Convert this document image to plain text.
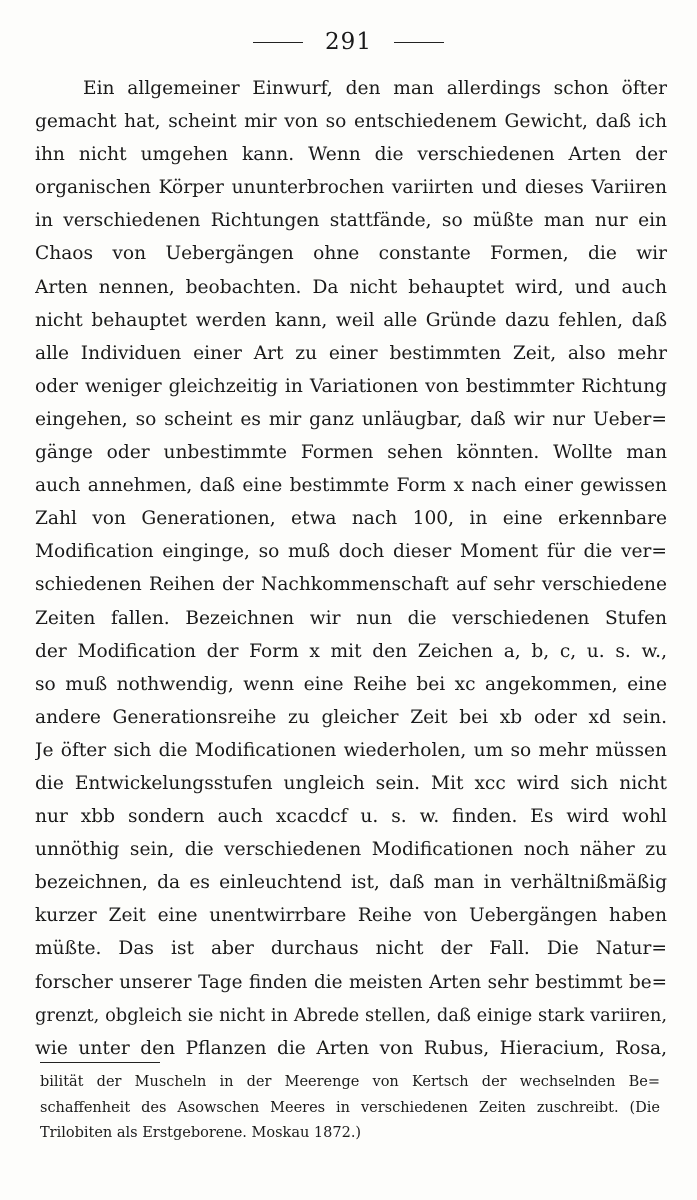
291
Ein allgemeiner Einwurf, den man allerdings schon öfter
gemacht hat, scheint mir von so entschiedenem Gewicht, daß ich
ihn nicht umgehen kann. Wenn die verschiedenen Arten der
organischen Körper ununterbrochen variirten und dieses Variiren
in verschiedenen Richtungen stattfände, so müßte man nur ein
Chaos von Uebergängen ohne constante Formen, die wir
Arten nennen, beobachten. Da nicht behauptet wird, und auch
nicht behauptet werden kann, weil alle Gründe dazu fehlen, daß
alle Individuen einer Art zu einer bestimmten Zeit, also mehr
oder weniger gleichzeitig in Variationen von bestimmter Richtung
eingehen, so scheint es mir ganz unläugbar, daß wir nur Ueber=
gänge oder unbestimmte Formen sehen könnten. Wollte man
auch annehmen, daß eine bestimmte Form x nach einer gewissen
Zahl von Generationen, etwa nach 100, in eine erkennbare
Modification einginge, so muß doch dieser Moment für die ver=
schiedenen Reihen der Nachkommenschaft auf sehr verschiedene
Zeiten fallen. Bezeichnen wir nun die verschiedenen Stufen
der Modification der Form x mit den Zeichen a, b, c, u. s. w.,
so muß nothwendig, wenn eine Reihe bei xc angekommen, eine
andere Generationsreihe zu gleicher Zeit bei xb oder xd sein.
Je öfter sich die Modificationen wiederholen, um so mehr müssen
die Entwickelungsstufen ungleich sein. Mit xcc wird sich nicht
nur xbb sondern auch xcacdcf u. s. w. finden. Es wird wohl
unnöthig sein, die verschiedenen Modificationen noch näher zu
bezeichnen, da es einleuchtend ist, daß man in verhältnißmäßig
kurzer Zeit eine unentwirrbare Reihe von Uebergängen haben
müßte. Das ist aber durchaus nicht der Fall. Die Natur=
forscher unserer Tage finden die meisten Arten sehr bestimmt be=
grenzt, obgleich sie nicht in Abrede stellen, daß einige stark variiren,
wie unter den Pflanzen die Arten von Rubus, Hieracium, Rosa,
bilität der Muscheln in der Meerenge von Kertsch der wechselnden Be=
schaffenheit des Asowschen Meeres in verschiedenen Zeiten zuschreibt. (Die
Trilobiten als Erstgeborene. Moskau 1872.)
